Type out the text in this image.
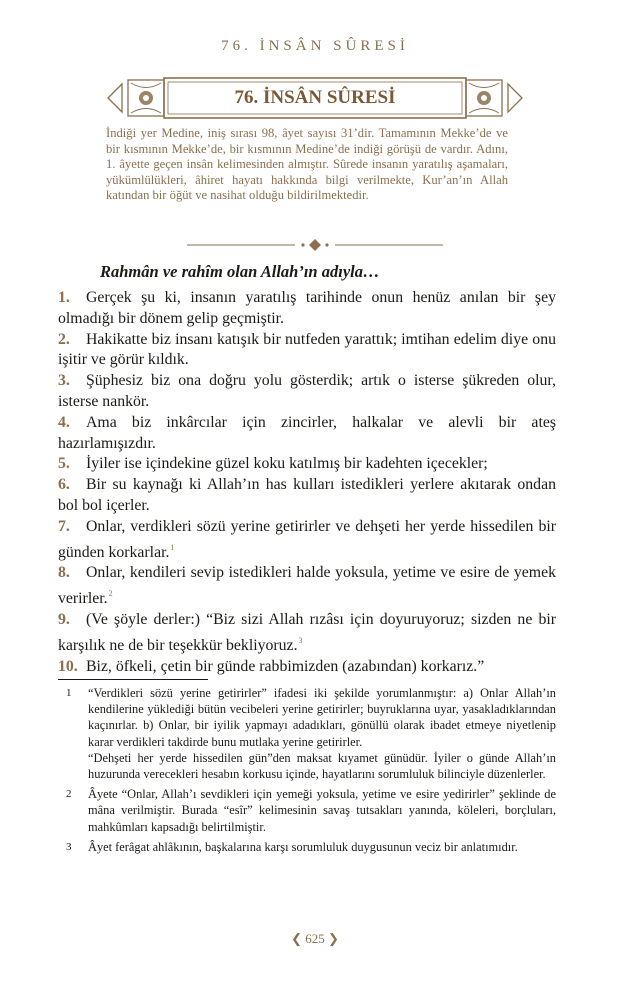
76. İNSÂN SÛRESİ
76. İNSÂN SÛRESİ
İndiği yer Medine, iniş sırası 98, âyet sayısı 31’dir. Tamamının Mekke’de ve bir kısmının Mekke’de, bir kısmının Medine’de indiği görüşü de vardır. Adını, 1. âyette geçen insân kelimesinden almıştır. Sûrede insanın yaratılış aşamaları, yükümlülükleri, âhiret hayatı hakkında bilgi verilmekte, Kur’an’ın Allah katından bir öğüt ve nasihat olduğu bildirilmektedir.
Rahmân ve rahîm olan Allah’ın adıyla…

1. Gerçek şu ki, insanın yaratılış tarihinde onun henüz anılan bir şey olmadığı bir dönem gelip geçmiştir.

2. Hakikatte biz insanı katışık bir nutfeden yarattık; imtihan edelim diye onu işitir ve görür kıldık.

3. Şüphesiz biz ona doğru yolu gösterdik; artık o isterse şükreden olur, isterse nankör.

4. Ama biz inkârcılar için zincirler, halkalar ve alevli bir ateş hazırlamışızdır.

5. İyiler ise içindekine güzel koku katılmış bir kadehten içecekler;

6. Bir su kaynağı ki Allah’ın has kulları istedikleri yerlere akıtarak ondan bol bol içerler.

7. Onlar, verdikleri sözü yerine getirirler ve dehşeti her yerde hissedilen bir günden korkarlar.$^1$

8. Onlar, kendileri sevip istedikleri halde yoksula, yetime ve esire de yemek verirler.$^2$

9. (Ve şöyle derler:) “Biz sizi Allah rızâsı için doyuruyoruz; sizden ne bir karşılık ne de bir teşekkür bekliyoruz.$^3$

10. Biz, öfkeli, çetin bir günde rabbimizden (azabından) korkarız.”

1 “Verdikleri sözü yerine getirirler” ifadesi iki şekilde yorumlanmıştır: a) Onlar Allah’ın kendilerine yüklediği bütün vecibeleri yerine getirirler; buyruklarına uyar, yasakladıklarından kaçınırlar. b) Onlar, bir iyilik yapmayı adadıkları, gönüllü olarak ibadet etmeye niyetlenip karar verdikleri takdirde bunu mutlaka yerine getirirler.

“Dehşeti her yerde hissedilen gün”den maksat kıyamet günüdür. İyiler o günde Allah’ın huzurunda verecekleri hesabın korkusu içinde, hayatlarını sorumluluk bilinciyle düzenlerler.

2 Âyete “Onlar, Allah’ı sevdikleri için yemeği yoksula, yetime ve esire yedirirler” şeklinde de mâna verilmiştir. Burada “esîr” kelimesinin savaş tutsakları yanında, köleleri, borçluları, mahkûmları kapsadığı belirtilmiştir.

3 Âyet ferâgat ahlâkının, başkalarına karşı sorumluluk duygusunun veciz bir anlatımıdır.

❮ 625 ❯
